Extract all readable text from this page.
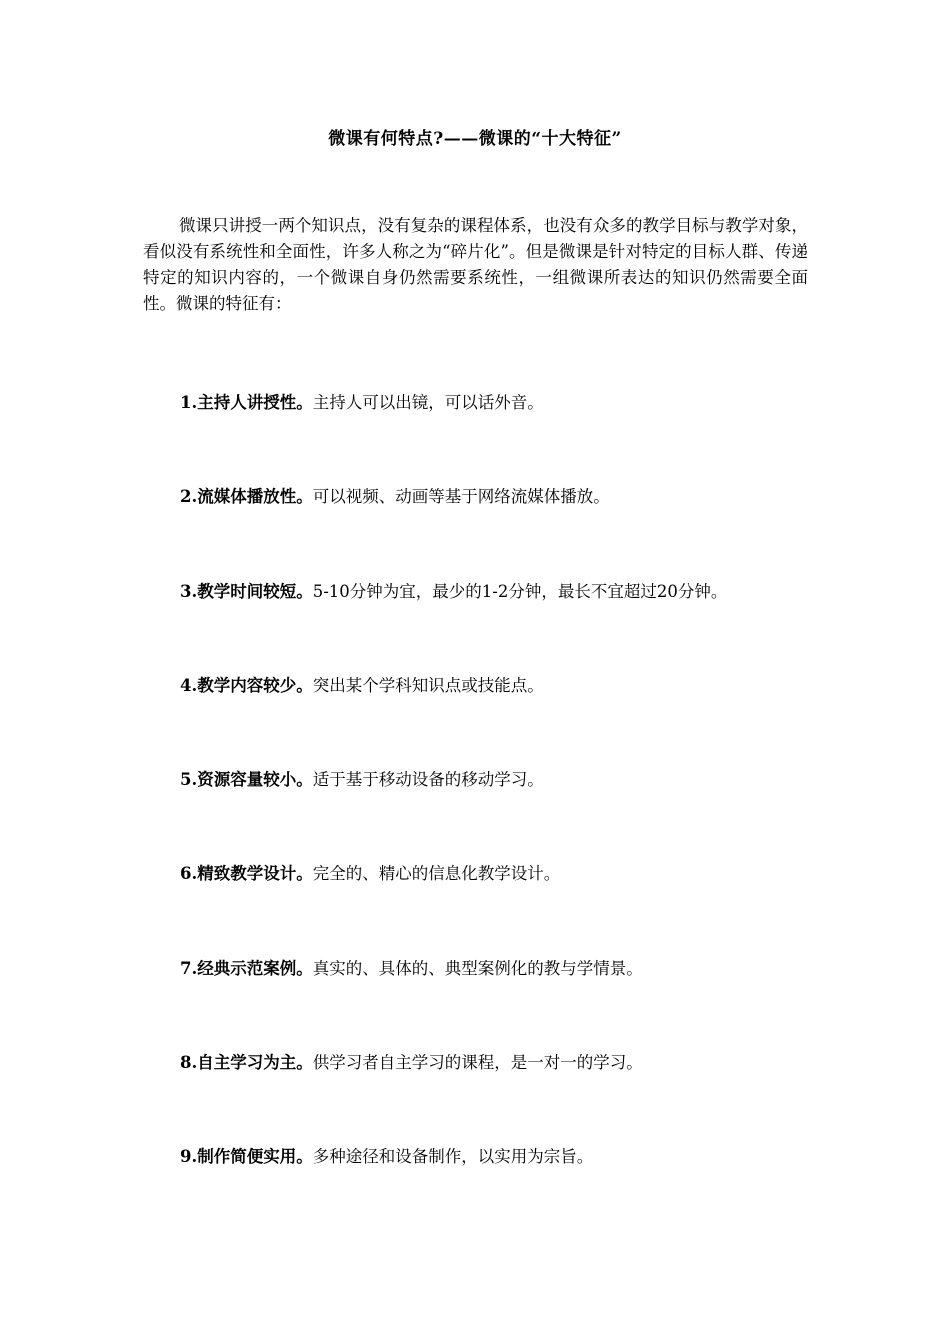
微课有何特点?——微课的“十大特征”

微课只讲授一两个知识点，没有复杂的课程体系，也没有众多的教学目标与教学对象，看似没有系统性和全面性，许多人称之为“碎片化”。但是微课是针对特定的目标人群、传递特定的知识内容的，一个微课自身仍然需要系统性，一组微课所表达的知识仍然需要全面性。微课的特征有：

1.主持人讲授性。主持人可以出镜，可以话外音。
2.流媒体播放性。可以视频、动画等基于网络流媒体播放。
3.教学时间较短。5-10分钟为宜，最少的1-2分钟，最长不宜超过20分钟。
4.教学内容较少。突出某个学科知识点或技能点。
5.资源容量较小。适于基于移动设备的移动学习。
6.精致教学设计。完全的、精心的信息化教学设计。
7.经典示范案例。真实的、具体的、典型案例化的教与学情景。
8.自主学习为主。供学习者自主学习的课程，是一对一的学习。
9.制作简便实用。多种途径和设备制作，以实用为宗旨。
